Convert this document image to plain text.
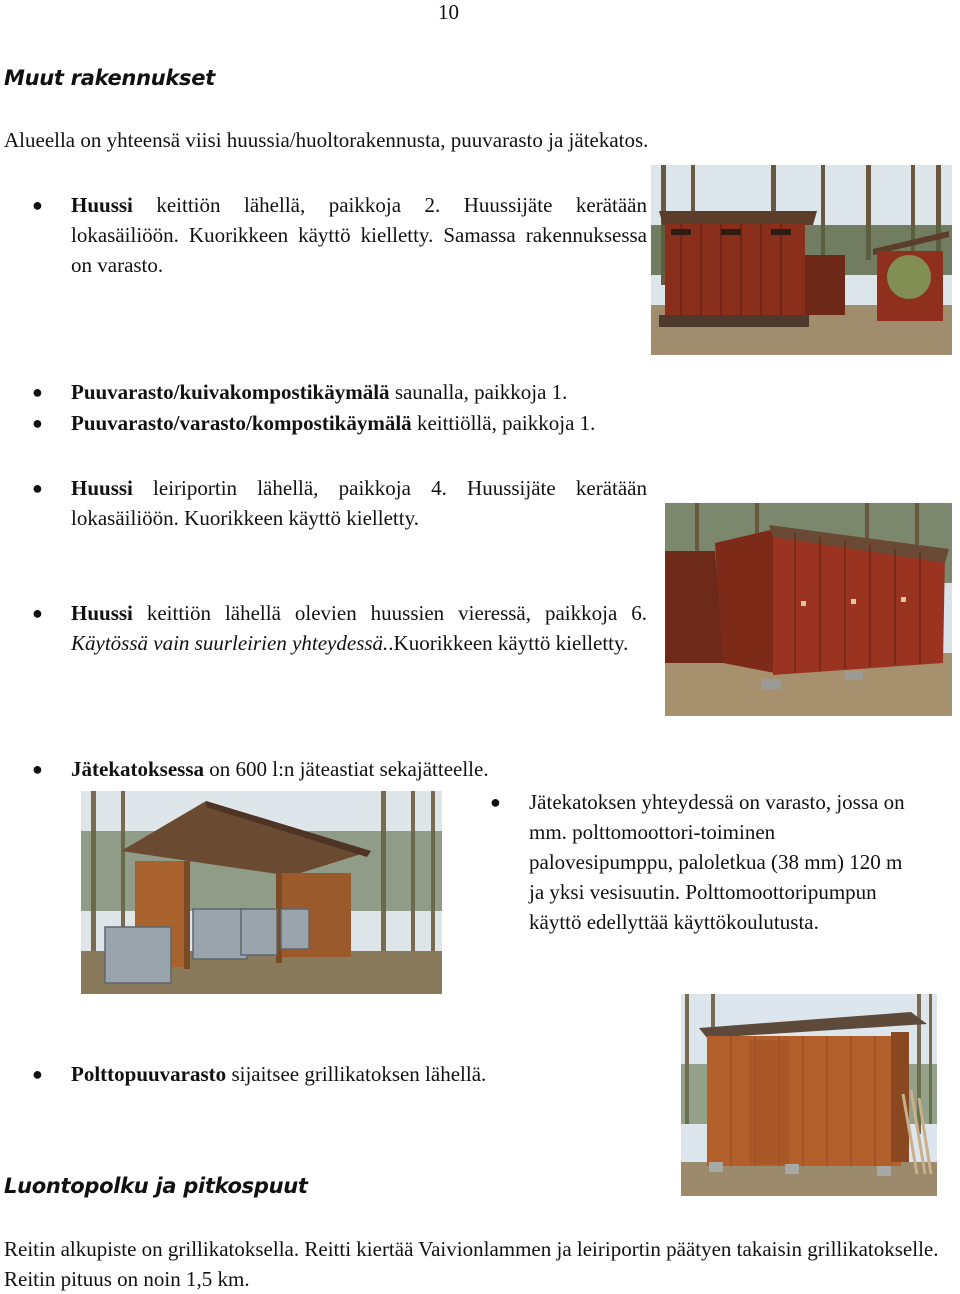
10
Muut rakennukset

Alueella on yhteensä viisi huussia/huoltorakennusta, puuvarasto ja jätekatos.

● Huussi keittiön lähellä, paikkoja 2. Huussijäte kerätään lokasäiliöön. Kuorikkeen käyttö kielletty. Samassa rakennuksessa on varasto.
● Puuvarasto/kuivakompostikäymälä saunalla, paikkoja 1.
● Puuvarasto/varasto/kompostikäymälä keittiöllä, paikkoja 1.
● Huussi leiriportin lähellä, paikkoja 4. Huussijäte kerätään lokasäiliöön. Kuorikkeen käyttö kielletty.
● Huussi keittiön lähellä olevien huussien vieressä, paikkoja 6. Käytössä vain suurleirien yhteydessä..Kuorikkeen käyttö kielletty.
● Jätekatoksessa on 600 l:n jäteastiat sekajätteelle.
● Jätekatoksen yhteydessä on varasto, jossa on mm. polttomoottori-toiminen palovesipumppu, paloletkua (38 mm) 120 m ja yksi vesisuutin. Polttomoottoripumpun käyttö edellyttää käyttökoulutusta.
● Polttopuuvarasto sijaitsee grillikatoksen lähellä.
Luontopolku ja pitkospuut

Reitin alkupiste on grillikatoksella. Reitti kiertää Vaivionlammen ja leiriportin päätyen takaisin grillikatokselle. Reitin pituus on noin 1,5 km.
